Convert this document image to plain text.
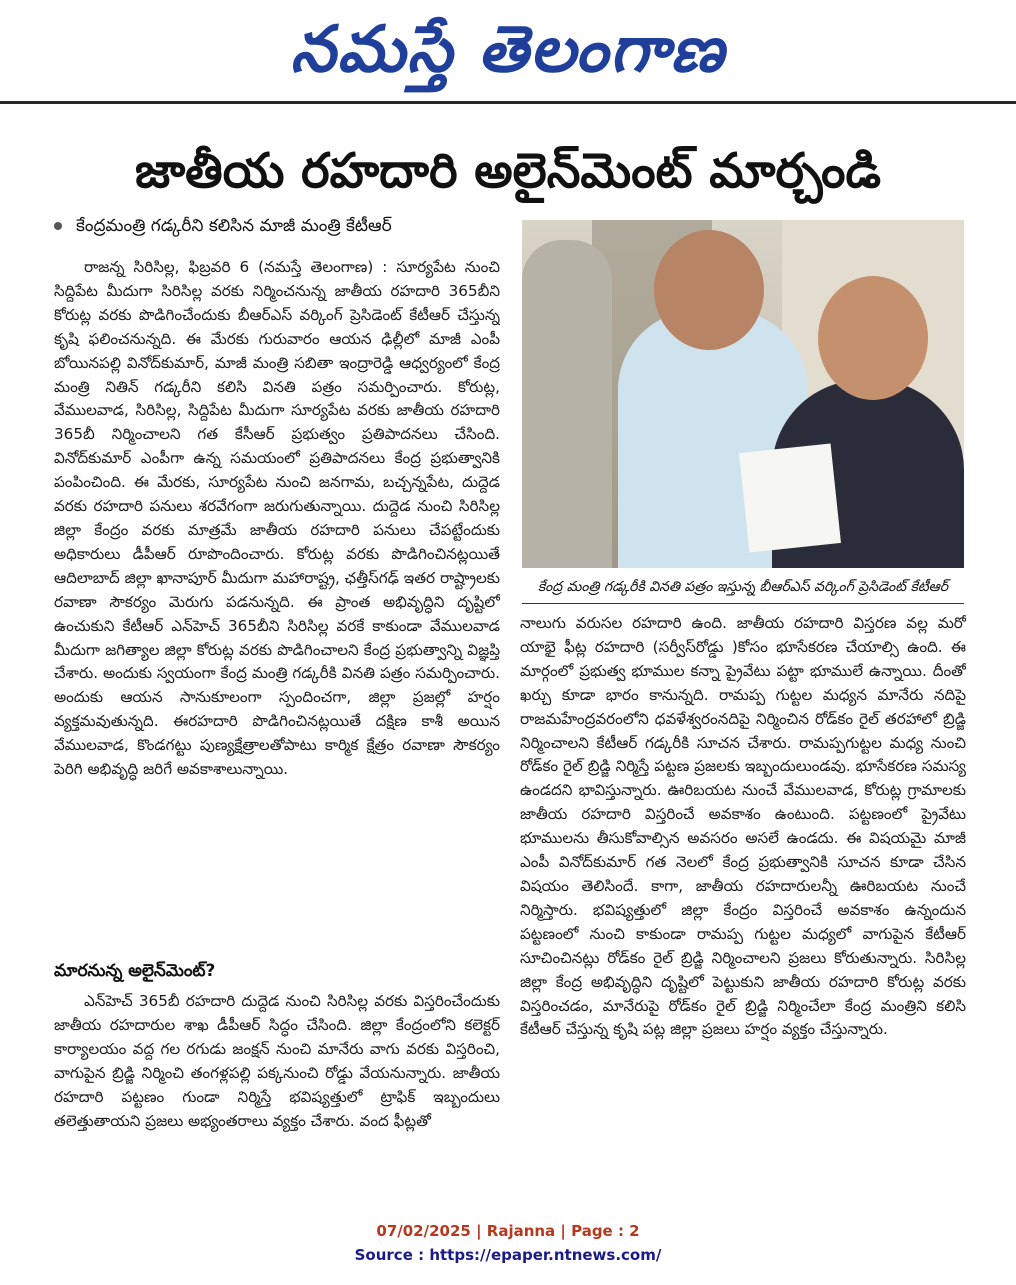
నమస్తే తెలంగాణ
జాతీయ రహదారి అలైన్‌మెంట్ మార్చండి
కేంద్రమంత్రి గడ్కరీని కలిసిన మాజీ మంత్రి కేటీఆర్
రాజన్న సిరిసిల్ల, ఫిబ్రవరి 6 (నమస్తే తెలంగాణ) : సూర్యపేట నుంచి సిద్దిపేట మీదుగా సిరిసిల్ల వరకు నిర్మించనున్న జాతీయ రహదారి 365బీని కోరుట్ల వరకు పొడిగించేందుకు బీఆర్ఎస్ వర్కింగ్ ప్రెసిడెంట్ కేటీఆర్ చేస్తున్న కృషి ఫలించనున్నది. ఈ మేరకు గురువారం ఆయన ఢిల్లీలో మాజీ ఎంపీ బోయినపల్లి వినోద్‌కుమార్, మాజీ మంత్రి సబితా ఇంద్రారెడ్డి ఆధ్వర్యంలో కేంద్ర మంత్రి నితిన్ గడ్కరీని కలిసి వినతి పత్రం సమర్పించారు. కోరుట్ల, వేములవాడ, సిరిసిల్ల, సిద్దిపేట మీదుగా సూర్యపేట వరకు జాతీయ రహదారి 365బీ నిర్మించాలని గత కేసీఆర్ ప్రభుత్వం ప్రతిపాదనలు చేసింది. వినోద్‌కుమార్ ఎంపీగా ఉన్న సమయంలో ప్రతిపాదనలు కేంద్ర ప్రభుత్వానికి పంపించింది. ఈ మేరకు, సూర్యపేట నుంచి జనగామ, బచ్చన్నపేట, దుద్దెడ వరకు రహదారి పనులు శరవేగంగా జరుగుతున్నాయి. దుద్దెడ నుంచి సిరిసిల్ల జిల్లా కేంద్రం వరకు మాత్రమే జాతీయ రహదారి పనులు చేపట్టేందుకు అధికారులు డీపీఆర్ రూపొందించారు. కోరుట్ల వరకు పొడిగించినట్లయితే ఆదిలాబాద్ జిల్లా ఖానాపూర్ మీదుగా మహారాష్ట్ర, ఛత్తీస్‌గఢ్ ఇతర రాష్ట్రాలకు రవాణా సౌకర్యం మెరుగు పడనున్నది. ఈ ప్రాంత అభివృద్ధిని దృష్టిలో ఉంచుకుని కేటీఆర్ ఎన్‌హెచ్ 365బీని సిరిసిల్ల వరకే కాకుండా వేములవాడ మీదుగా జగిత్యాల జిల్లా కోరుట్ల వరకు పొడిగించాలని కేంద్ర ప్రభుత్వాన్ని విజ్ఞప్తి చేశారు. అందుకు స్వయంగా కేంద్ర మంత్రి గడ్కరీకి వినతి పత్రం సమర్పించారు. అందుకు ఆయన సానుకూలంగా స్పందించగా, జిల్లా ప్రజల్లో హర్షం వ్యక్తమవుతున్నది. ఈరహదారి పొడిగించినట్లయితే దక్షిణ కాశీ అయిన వేములవాడ, కొండగట్టు పుణ్యక్షేత్రాలతోపాటు కార్మిక క్షేత్రం రవాణా సౌకర్యం పెరిగి అభివృద్ధి జరిగే అవకాశాలున్నాయి.
మారనున్న అలైన్‌మెంట్?
ఎన్‌హెచ్ 365బీ రహదారి దుద్దెడ నుంచి సిరిసిల్ల వరకు విస్తరించేందుకు జాతీయ రహదారుల శాఖ డీపీఆర్ సిద్ధం చేసింది. జిల్లా కేంద్రంలోని కలెక్టర్ కార్యాలయం వద్ద గల రగుడు జంక్షన్ నుంచి మానేరు వాగు వరకు విస్తరించి, వాగుపైన బ్రిడ్జి నిర్మించి తంగళ్లపల్లి పక్కనుంచి రోడ్డు వేయనున్నారు. జాతీయ రహదారి పట్టణం గుండా నిర్మిస్తే భవిష్యత్తులో ట్రాఫిక్ ఇబ్బందులు తలెత్తుతాయని ప్రజలు అభ్యంతరాలు వ్యక్తం చేశారు. వంద ఫీట్లతో
కేంద్ర మంత్రి గడ్కరీకి వినతి పత్రం ఇస్తున్న బీఆర్ఎస్ వర్కింగ్ ప్రెసిడెంట్ కేటీఆర్
నాలుగు వరుసల రహదారి ఉంది. జాతీయ రహదారి విస్తరణ వల్ల మరో యాభై ఫీట్ల రహదారి (సర్వీస్‌రోడ్డు )కోసం భూసేకరణ చేయాల్సి ఉంది. ఈ మార్గంలో ప్రభుత్వ భూముల కన్నా ప్రైవేటు పట్టా భూములే ఉన్నాయి. దీంతో ఖర్చు కూడా భారం కానున్నది. రామప్ప గుట్టల మధ్యన మానేరు నదిపై రాజమహేంద్రవరంలోని ధవళేశ్వరంనదిపై నిర్మించిన రోడ్‌కం రైల్ తరహాలో బ్రిడ్జి నిర్మించాలని కేటీఆర్ గడ్కరీకి సూచన చేశారు. రామప్పగుట్టల మధ్య నుంచి రోడ్‌కం రైల్ బ్రిడ్జి నిర్మిస్తే పట్టణ ప్రజలకు ఇబ్బందులుండవు. భూసేకరణ సమస్య ఉండదని భావిస్తున్నారు. ఊరిబయట నుంచే వేములవాడ, కోరుట్ల గ్రామాలకు జాతీయ రహదారి విస్తరించే అవకాశం ఉంటుంది. పట్టణంలో ప్రైవేటు భూములను తీసుకోవాల్సిన అవసరం అసలే ఉండదు. ఈ విషయమై మాజీ ఎంపీ వినోద్‌కుమార్ గత నెలలో కేంద్ర ప్రభుత్వానికి సూచన కూడా చేసిన విషయం తెలిసిందే. కాగా, జాతీయ రహదారులన్నీ ఊరిబయట నుంచే నిర్మిస్తారు. భవిష్యత్తులో జిల్లా కేంద్రం విస్తరించే అవకాశం ఉన్నందున పట్టణంలో నుంచి కాకుండా రామప్ప గుట్టల మధ్యలో వాగుపైన కేటీఆర్ సూచించినట్లు రోడ్‌కం రైల్ బ్రిడ్జి నిర్మించాలని ప్రజలు కోరుతున్నారు. సిరిసిల్ల జిల్లా కేంద్ర అభివృద్ధిని దృష్టిలో పెట్టుకుని జాతీయ రహదారి కోరుట్ల వరకు విస్తరించడం, మానేరుపై రోడ్‌కం రైల్ బ్రిడ్జి నిర్మించేలా కేంద్ర మంత్రిని కలిసి కేటీఆర్ చేస్తున్న కృషి పట్ల జిల్లా ప్రజలు హర్షం వ్యక్తం చేస్తున్నారు.
07/02/2025 | Rajanna | Page : 2
Source : https://epaper.ntnews.com/
